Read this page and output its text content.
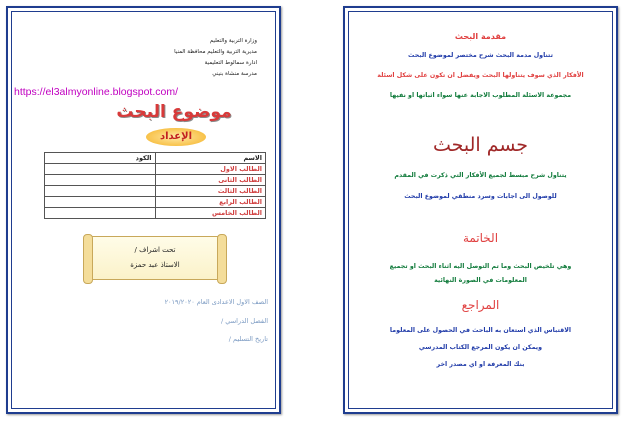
وزارة التربية والتعليم
مديرية التربية والتعليم محافظة المنيا
ادارة سمالوط التعليمية
مدرسة منشاة بنيني
https://el3almyonline.blogspot.com/
موضوع البحث
الإعداد
الاسم	الكود
الطالب الاول	
الطالب الثانى	
الطالب الثالث	
الطالب الرابع	
الطالب الخامس	
تحت اشراف /
الاستاذ عبد حمزة
الصف الاول الاعدادى العام ٢٠١٩/٢٠٢٠
الفصل الدراسي /
تاريخ التسليم /
مقدمة البحث
تتناول مدمة البحث شرح مختصر لموضوع البحث
الأفكار الذي سوف يتناولها البحث ويفضل ان تكون على شكل اسئلة
مجموعة الاسئلة المطلوب الاجابة عنها سواء اثباتها او نفيها
جسم البحث
يتناول شرح مبسط لجميع الأفكار التي ذكرت في المقدم
للوصول الى اجابات وسرد منطقي لموضوع البحث
الخاتمة
وهي تلخيص البحث وما تم التوصل اليه اثناء البحث او تجميع
المعلومات في الصورة النهائية
المراجع
الاقتباس الذي استعان به الباحث في الحصول على المعلوما
ويمكن ان يكون المرجع الكتاب المدرسي
بنك المعرفة او اي مصدر اخر
